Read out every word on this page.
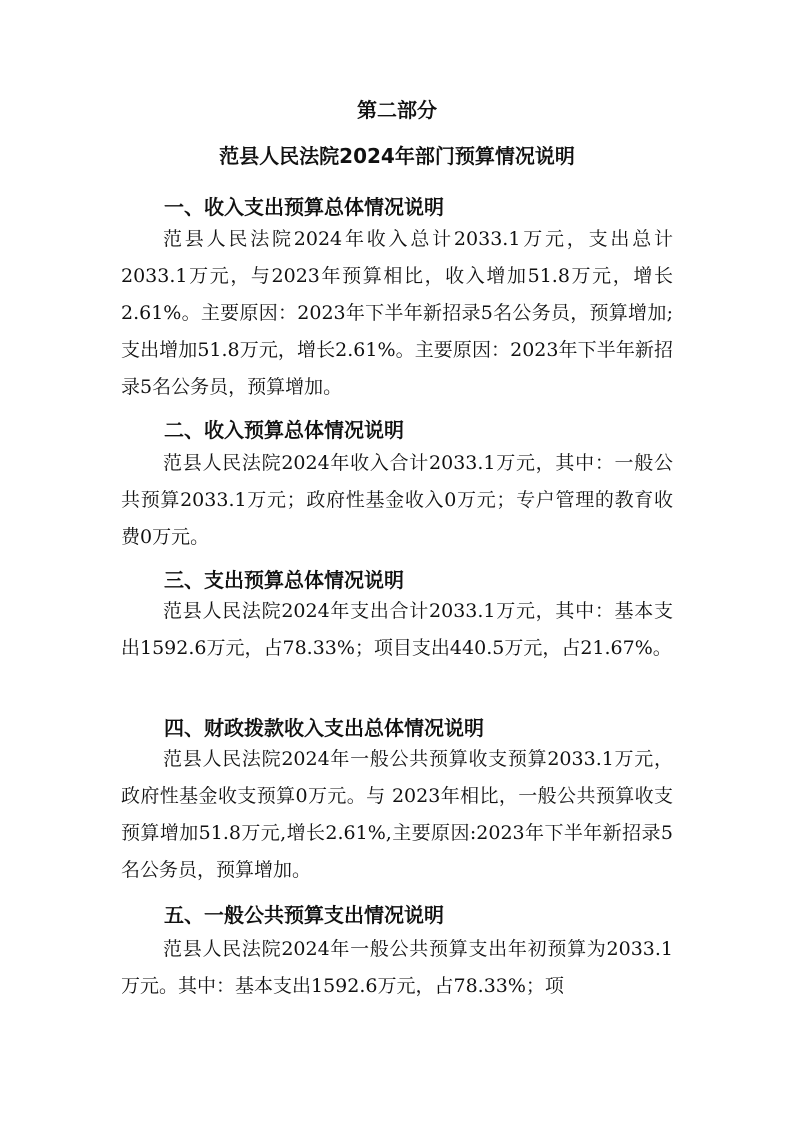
第二部分
范县人民法院2024年部门预算情况说明
一、收入支出预算总体情况说明

范县人民法院2024年收入总计2033.1万元，支出总计2033.1万元，与2023年预算相比，收入增加51.8万元，增长2.61%。主要原因：2023年下半年新招录5名公务员，预算增加;支出增加51.8万元，增长2.61%。主要原因：2023年下半年新招录5名公务员，预算增加。

二、收入预算总体情况说明

范县人民法院2024年收入合计2033.1万元，其中：一般公共预算2033.1万元；政府性基金收入0万元；专户管理的教育收费0万元。

三、支出预算总体情况说明

范县人民法院2024年支出合计2033.1万元，其中：基本支出1592.6万元，占78.33%；项目支出440.5万元，占21.67%。

四、财政拨款收入支出总体情况说明

范县人民法院2024年一般公共预算收支预算2033.1万元，政府性基金收支预算0万元。与 2023年相比，一般公共预算收支预算增加51.8万元,增长2.61%,主要原因:2023年下半年新招录5名公务员，预算增加。

五、一般公共预算支出情况说明

范县人民法院2024年一般公共预算支出年初预算为2033.1万元。其中：基本支出1592.6万元，占78.33%；项
